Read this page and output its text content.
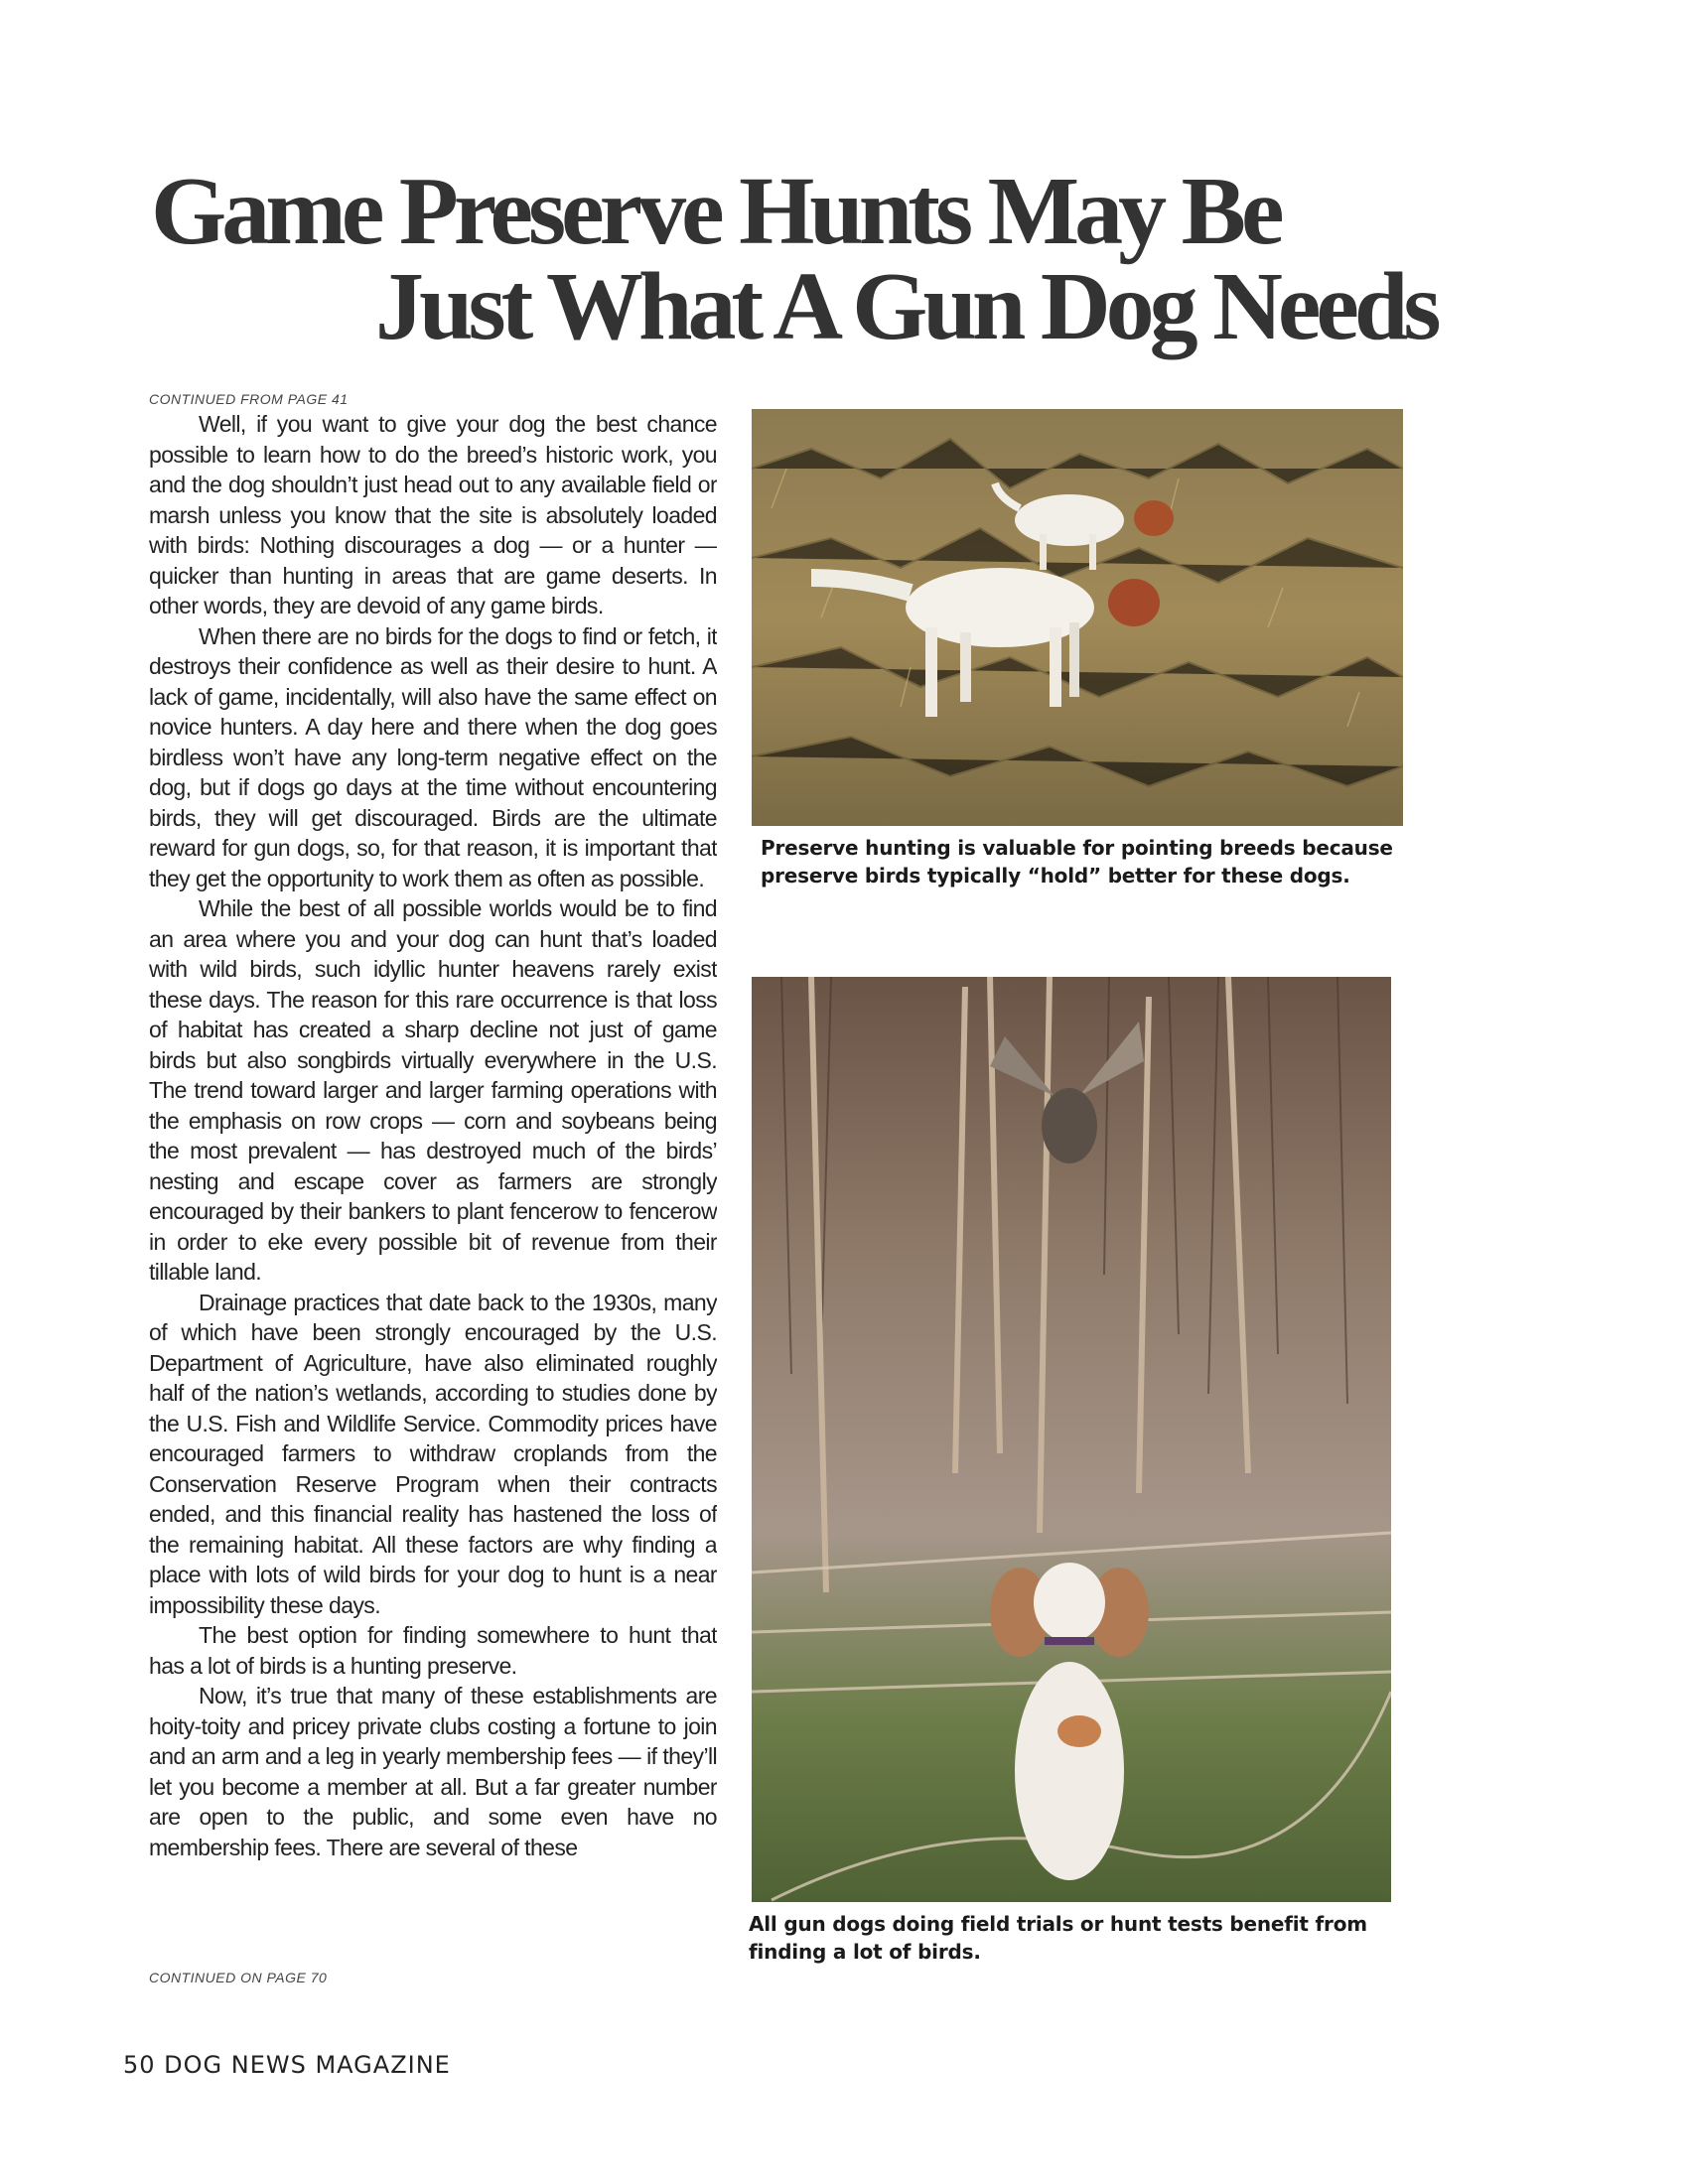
Game Preserve Hunts May Be
Just What A Gun Dog Needs
CONTINUED FROM PAGE 41

Well, if you want to give your dog the best chance possible to learn how to do the breed’s historic work, you and the dog shouldn’t just head out to any available field or marsh unless you know that the site is absolutely loaded with birds: Nothing discourages a dog — or a hunter — quicker than hunting in areas that are game deserts. In other words, they are devoid of any game birds.

When there are no birds for the dogs to find or fetch, it destroys their confidence as well as their desire to hunt. A lack of game, incidentally, will also have the same effect on novice hunters. A day here and there when the dog goes birdless won’t have any long-term negative effect on the dog, but if dogs go days at the time without encountering birds, they will get discouraged. Birds are the ultimate reward for gun dogs, so, for that reason, it is important that they get the opportunity to work them as often as possible.

While the best of all possible worlds would be to find an area where you and your dog can hunt that’s loaded with wild birds, such idyllic hunter heavens rarely exist these days. The reason for this rare occurrence is that loss of habitat has created a sharp decline not just of game birds but also songbirds virtually everywhere in the U.S. The trend toward larger and larger farming operations with the emphasis on row crops — corn and soybeans being the most prevalent — has destroyed much of the birds’ nesting and escape cover as farmers are strongly encouraged by their bankers to plant fencerow to fencerow in order to eke every possible bit of revenue from their tillable land.

Drainage practices that date back to the 1930s, many of which have been strongly encouraged by the U.S. Department of Agriculture, have also eliminated roughly half of the nation’s wetlands, according to studies done by the U.S. Fish and Wildlife Service. Commodity prices have encouraged farmers to withdraw croplands from the Conservation Reserve Program when their contracts ended, and this financial reality has hastened the loss of the remaining habitat. All these factors are why finding a place with lots of wild birds for your dog to hunt is a near impossibility these days.

The best option for finding somewhere to hunt that has a lot of birds is a hunting preserve.

Now, it’s true that many of these establishments are hoity-toity and pricey private clubs costing a fortune to join and an arm and a leg in yearly membership fees — if they’ll let you become a member at all. But a far greater number are open to the public, and some even have no membership fees. There are several of these

CONTINUED ON PAGE 70
Preserve hunting is valuable for pointing breeds because preserve birds typically “hold” better for these dogs.
All gun dogs doing field trials or hunt tests benefit from finding a lot of birds.
50 DOG NEWS MAGAZINE
